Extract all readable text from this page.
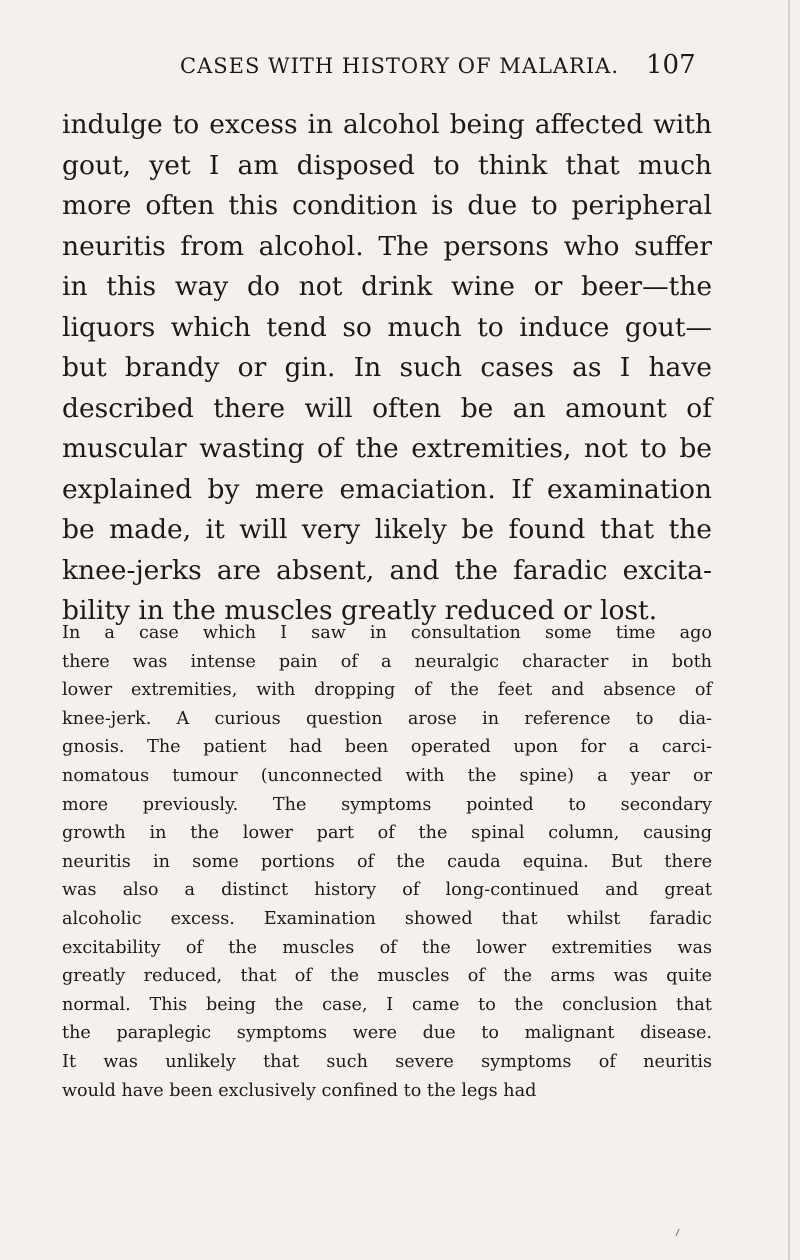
CASES WITH HISTORY OF MALARIA. 107
indulge to excess in alcohol being affected with
gout, yet I am disposed to think that much
more often this condition is due to peripheral
neuritis from alcohol. The persons who suffer
in this way do not drink wine or beer—the
liquors which tend so much to induce gout—
but brandy or gin. In such cases as I have
described there will often be an amount of
muscular wasting of the extremities, not to be
explained by mere emaciation. If examination
be made, it will very likely be found that the
knee-jerks are absent, and the faradic excita-
bility in the muscles greatly reduced or lost.
In a case which I saw in consultation some time ago
there was intense pain of a neuralgic character in both
lower extremities, with dropping of the feet and absence of
knee-jerk. A curious question arose in reference to dia-
gnosis. The patient had been operated upon for a carci-
nomatous tumour (unconnected with the spine) a year or
more previously. The symptoms pointed to secondary
growth in the lower part of the spinal column, causing
neuritis in some portions of the cauda equina. But there
was also a distinct history of long-continued and great
alcoholic excess. Examination showed that whilst faradic
excitability of the muscles of the lower extremities was
greatly reduced, that of the muscles of the arms was quite
normal. This being the case, I came to the conclusion that
the paraplegic symptoms were due to malignant disease.
It was unlikely that such severe symptoms of neuritis
would have been exclusively confined to the legs had
